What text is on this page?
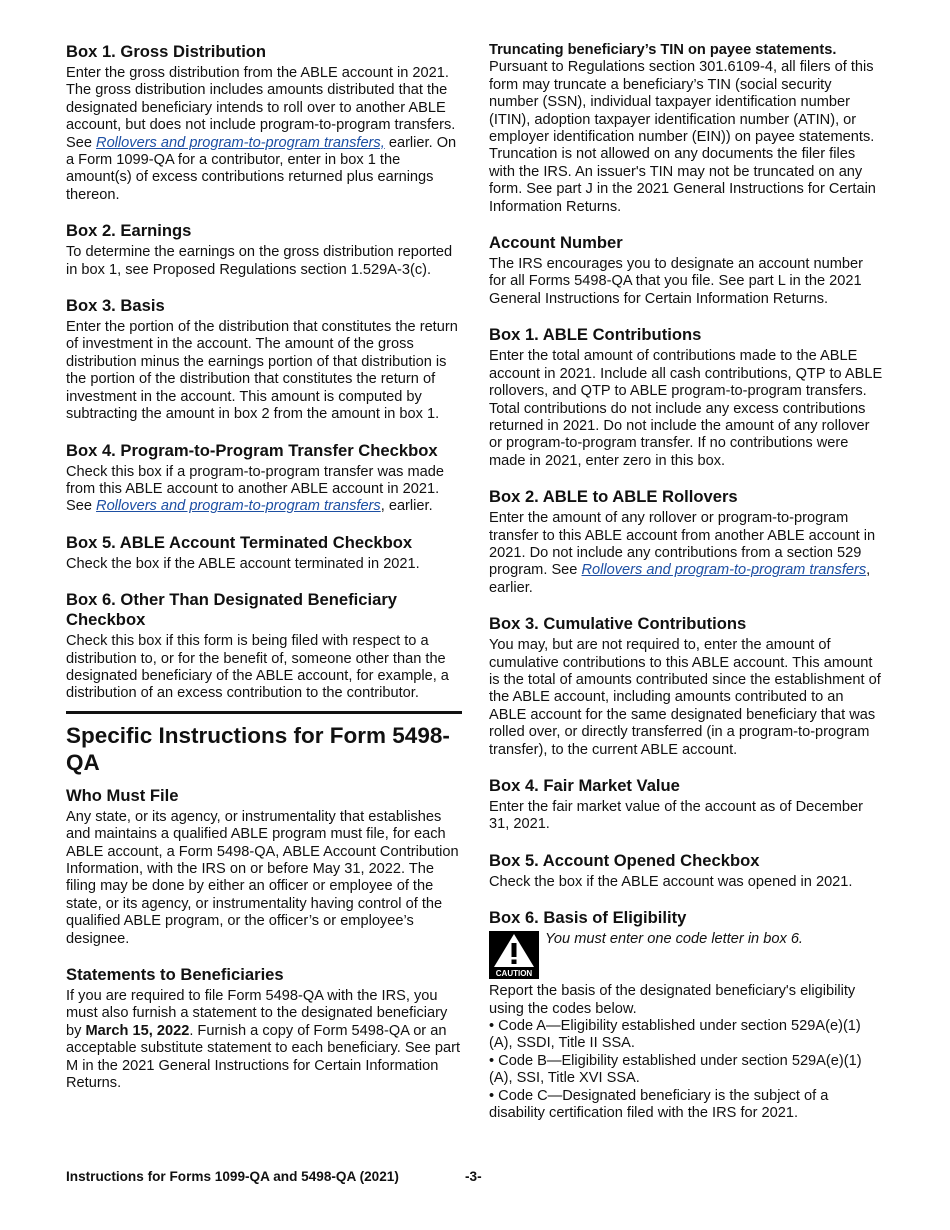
Box 1. Gross Distribution

Enter the gross distribution from the ABLE account in 2021. The gross distribution includes amounts distributed that the designated beneficiary intends to roll over to another ABLE account, but does not include program-to-program transfers. See Rollovers and program-to-program transfers, earlier. On a Form 1099-QA for a contributor, enter in box 1 the amount(s) of excess contributions returned plus earnings thereon.

Box 2. Earnings

To determine the earnings on the gross distribution reported in box 1, see Proposed Regulations section 1.529A-3(c).

Box 3. Basis

Enter the portion of the distribution that constitutes the return of investment in the account. The amount of the gross distribution minus the earnings portion of that distribution is the portion of the distribution that constitutes the return of investment in the account. This amount is computed by subtracting the amount in box 2 from the amount in box 1.

Box 4. Program-to-Program Transfer Checkbox

Check this box if a program-to-program transfer was made from this ABLE account to another ABLE account in 2021. See Rollovers and program-to-program transfers, earlier.

Box 5. ABLE Account Terminated Checkbox

Check the box if the ABLE account terminated in 2021.

Box 6. Other Than Designated Beneficiary Checkbox

Check this box if this form is being filed with respect to a distribution to, or for the benefit of, someone other than the designated beneficiary of the ABLE account, for example, a distribution of an excess contribution to the contributor.

Specific Instructions for Form 5498-QA
Who Must File

Any state, or its agency, or instrumentality that establishes and maintains a qualified ABLE program must file, for each ABLE account, a Form 5498-QA, ABLE Account Contribution Information, with the IRS on or before May 31, 2022. The filing may be done by either an officer or employee of the state, or its agency, or instrumentality having control of the qualified ABLE program, or the officer’s or employee’s designee.

Statements to Beneficiaries

If you are required to file Form 5498-QA with the IRS, you must also furnish a statement to the designated beneficiary by March 15, 2022. Furnish a copy of Form 5498-QA or an acceptable substitute statement to each beneficiary. See part M in the 2021 General Instructions for Certain Information Returns.

Truncating beneficiary’s TIN on payee statements.
Pursuant to Regulations section 301.6109-4, all filers of this form may truncate a beneficiary’s TIN (social security number (SSN), individual taxpayer identification number (ITIN), adoption taxpayer identification number (ATIN), or employer identification number (EIN)) on payee statements. Truncation is not allowed on any documents the filer files with the IRS. An issuer's TIN may not be truncated on any form. See part J in the 2021 General Instructions for Certain Information Returns.

Account Number

The IRS encourages you to designate an account number for all Forms 5498-QA that you file. See part L in the 2021 General Instructions for Certain Information Returns.

Box 1. ABLE Contributions

Enter the total amount of contributions made to the ABLE account in 2021. Include all cash contributions, QTP to ABLE rollovers, and QTP to ABLE program-to-program transfers. Total contributions do not include any excess contributions returned in 2021. Do not include the amount of any rollover or program-to-program transfer. If no contributions were made in 2021, enter zero in this box.

Box 2. ABLE to ABLE Rollovers

Enter the amount of any rollover or program-to-program transfer to this ABLE account from another ABLE account in 2021. Do not include any contributions from a section 529 program. See Rollovers and program-to-program transfers, earlier.

Box 3. Cumulative Contributions

You may, but are not required to, enter the amount of cumulative contributions to this ABLE account. This amount is the total of amounts contributed since the establishment of the ABLE account, including amounts contributed to an ABLE account for the same designated beneficiary that was rolled over, or directly transferred (in a program-to-program transfer), to the current ABLE account.

Box 4. Fair Market Value

Enter the fair market value of the account as of December 31, 2021.

Box 5. Account Opened Checkbox

Check the box if the ABLE account was opened in 2021.

Box 6. Basis of Eligibility
CAUTION
You must enter one code letter in box 6.

Report the basis of the designated beneficiary's eligibility using the codes below.

• Code A—Eligibility established under section 529A(e)(1)(A), SSDI, Title II SSA.
• Code B—Eligibility established under section 529A(e)(1)(A), SSI, Title XVI SSA.
• Code C—Designated beneficiary is the subject of a disability certification filed with the IRS for 2021.
Instructions for Forms 1099-QA and 5498-QA (2021)	-3-
